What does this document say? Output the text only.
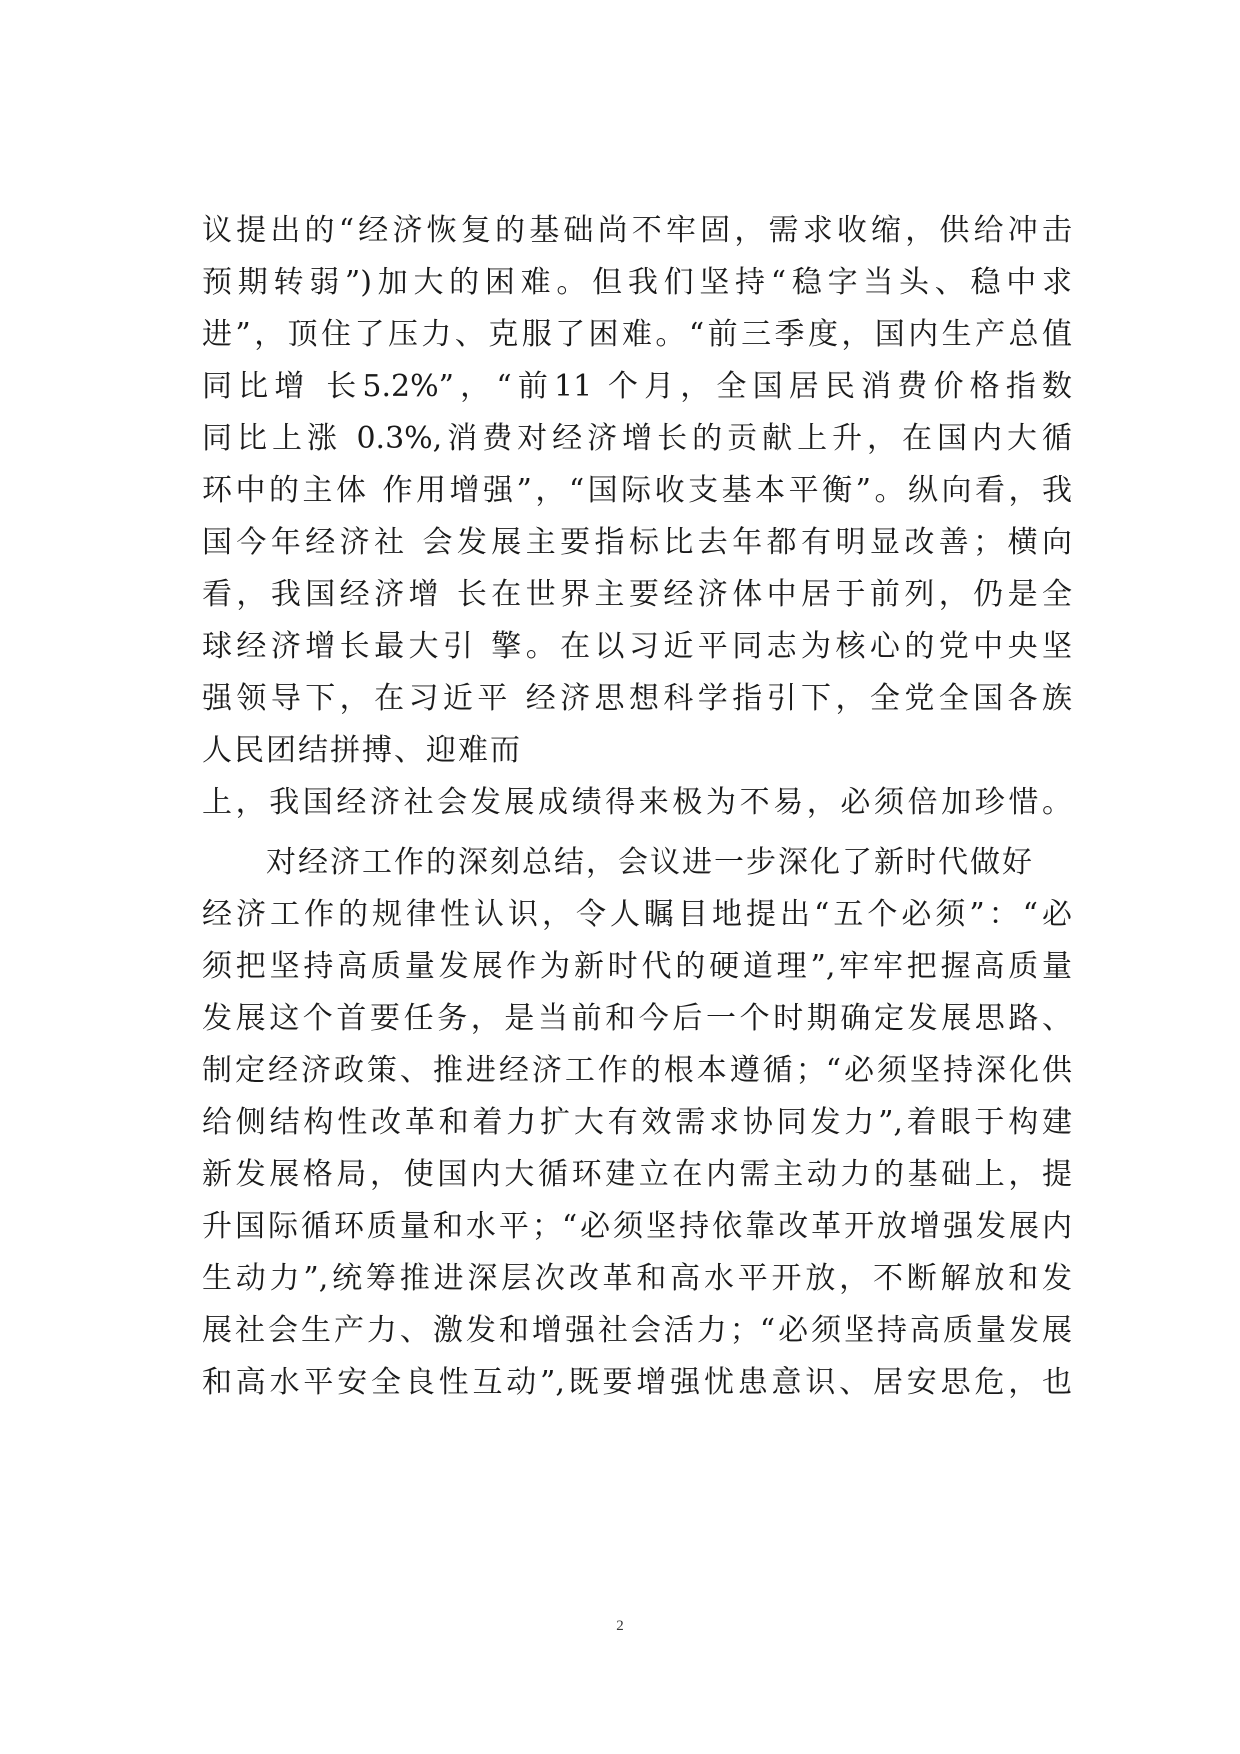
议提出的“经济恢复的基础尚不牢固，需求收缩，供给冲击
预期转弱”)加大的困难。但我们坚持“稳字当头、稳中求
进”，顶住了压力、克服了困难。“前三季度，国内生产总值
同比增 长5.2%”，“前11 个月，全国居民消费价格指数
同比上涨 0.3%,消费对经济增长的贡献上升，在国内大循
环中的主体 作用增强”，“国际收支基本平衡”。纵向看，我
国今年经济社 会发展主要指标比去年都有明显改善；横向
看，我国经济增 长在世界主要经济体中居于前列，仍是全
球经济增长最大引 擎。在以习近平同志为核心的党中央坚
强领导下，在习近平 经济思想科学指引下，全党全国各族
人民团结拼搏、迎难而
上，我国经济社会发展成绩得来极为不易，必须倍加珍惜。
　　对经济工作的深刻总结，会议进一步深化了新时代做好
经济工作的规律性认识，令人瞩目地提出“五个必须”：“必
须把坚持高质量发展作为新时代的硬道理”,牢牢把握高质量
发展这个首要任务，是当前和今后一个时期确定发展思路、
制定经济政策、推进经济工作的根本遵循；“必须坚持深化供
给侧结构性改革和着力扩大有效需求协同发力”,着眼于构建
新发展格局，使国内大循环建立在内需主动力的基础上，提
升国际循环质量和水平；“必须坚持依靠改革开放增强发展内
生动力”,统筹推进深层次改革和高水平开放，不断解放和发
展社会生产力、激发和增强社会活力；“必须坚持高质量发展
和高水平安全良性互动”,既要增强忧患意识、居安思危，也
2
